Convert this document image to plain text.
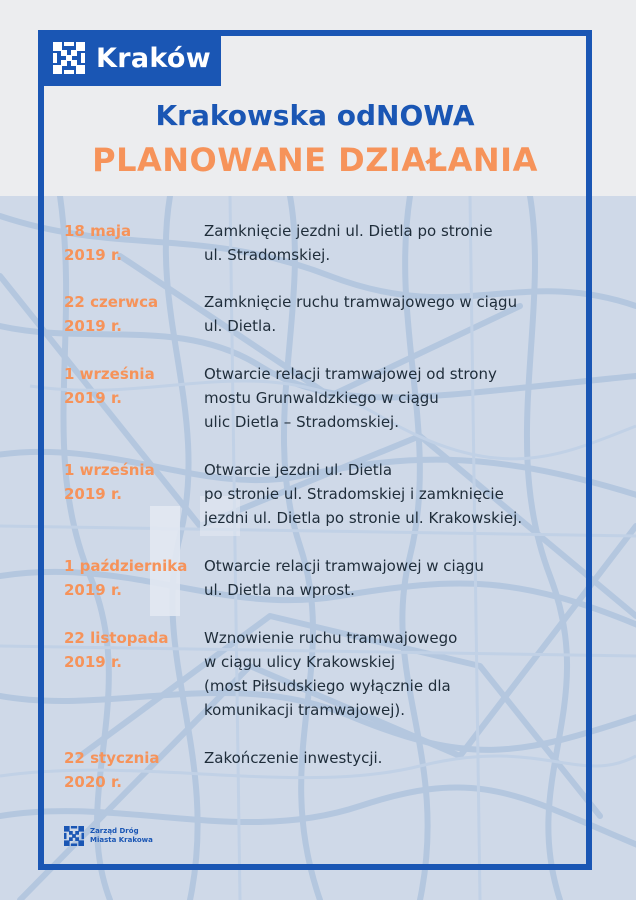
Kraków
Krakowska odNOWA
PLANOWANE DZIAŁANIA
18 maja
2019 r.
Zamknięcie jezdni ul. Dietla po stronie
ul. Stradomskiej.
22 czerwca
2019 r.
Zamknięcie ruchu tramwajowego w ciągu
ul. Dietla.
1 września
2019 r.
Otwarcie relacji tramwajowej od strony
mostu Grunwaldzkiego w ciągu
ulic Dietla – Stradomskiej.
1 września
2019 r.
Otwarcie jezdni ul. Dietla
po stronie ul. Stradomskiej i zamknięcie
jezdni ul. Dietla po stronie ul. Krakowskiej.
1 października
2019 r.
Otwarcie relacji tramwajowej w ciągu
ul. Dietla na wprost.
22 listopada
2019 r.
Wznowienie ruchu tramwajowego
w ciągu ulicy Krakowskiej
(most Piłsudskiego wyłącznie dla
komunikacji tramwajowej).
22 stycznia
2020 r.
Zakończenie inwestycji.
Zarząd Dróg
Miasta Krakowa
